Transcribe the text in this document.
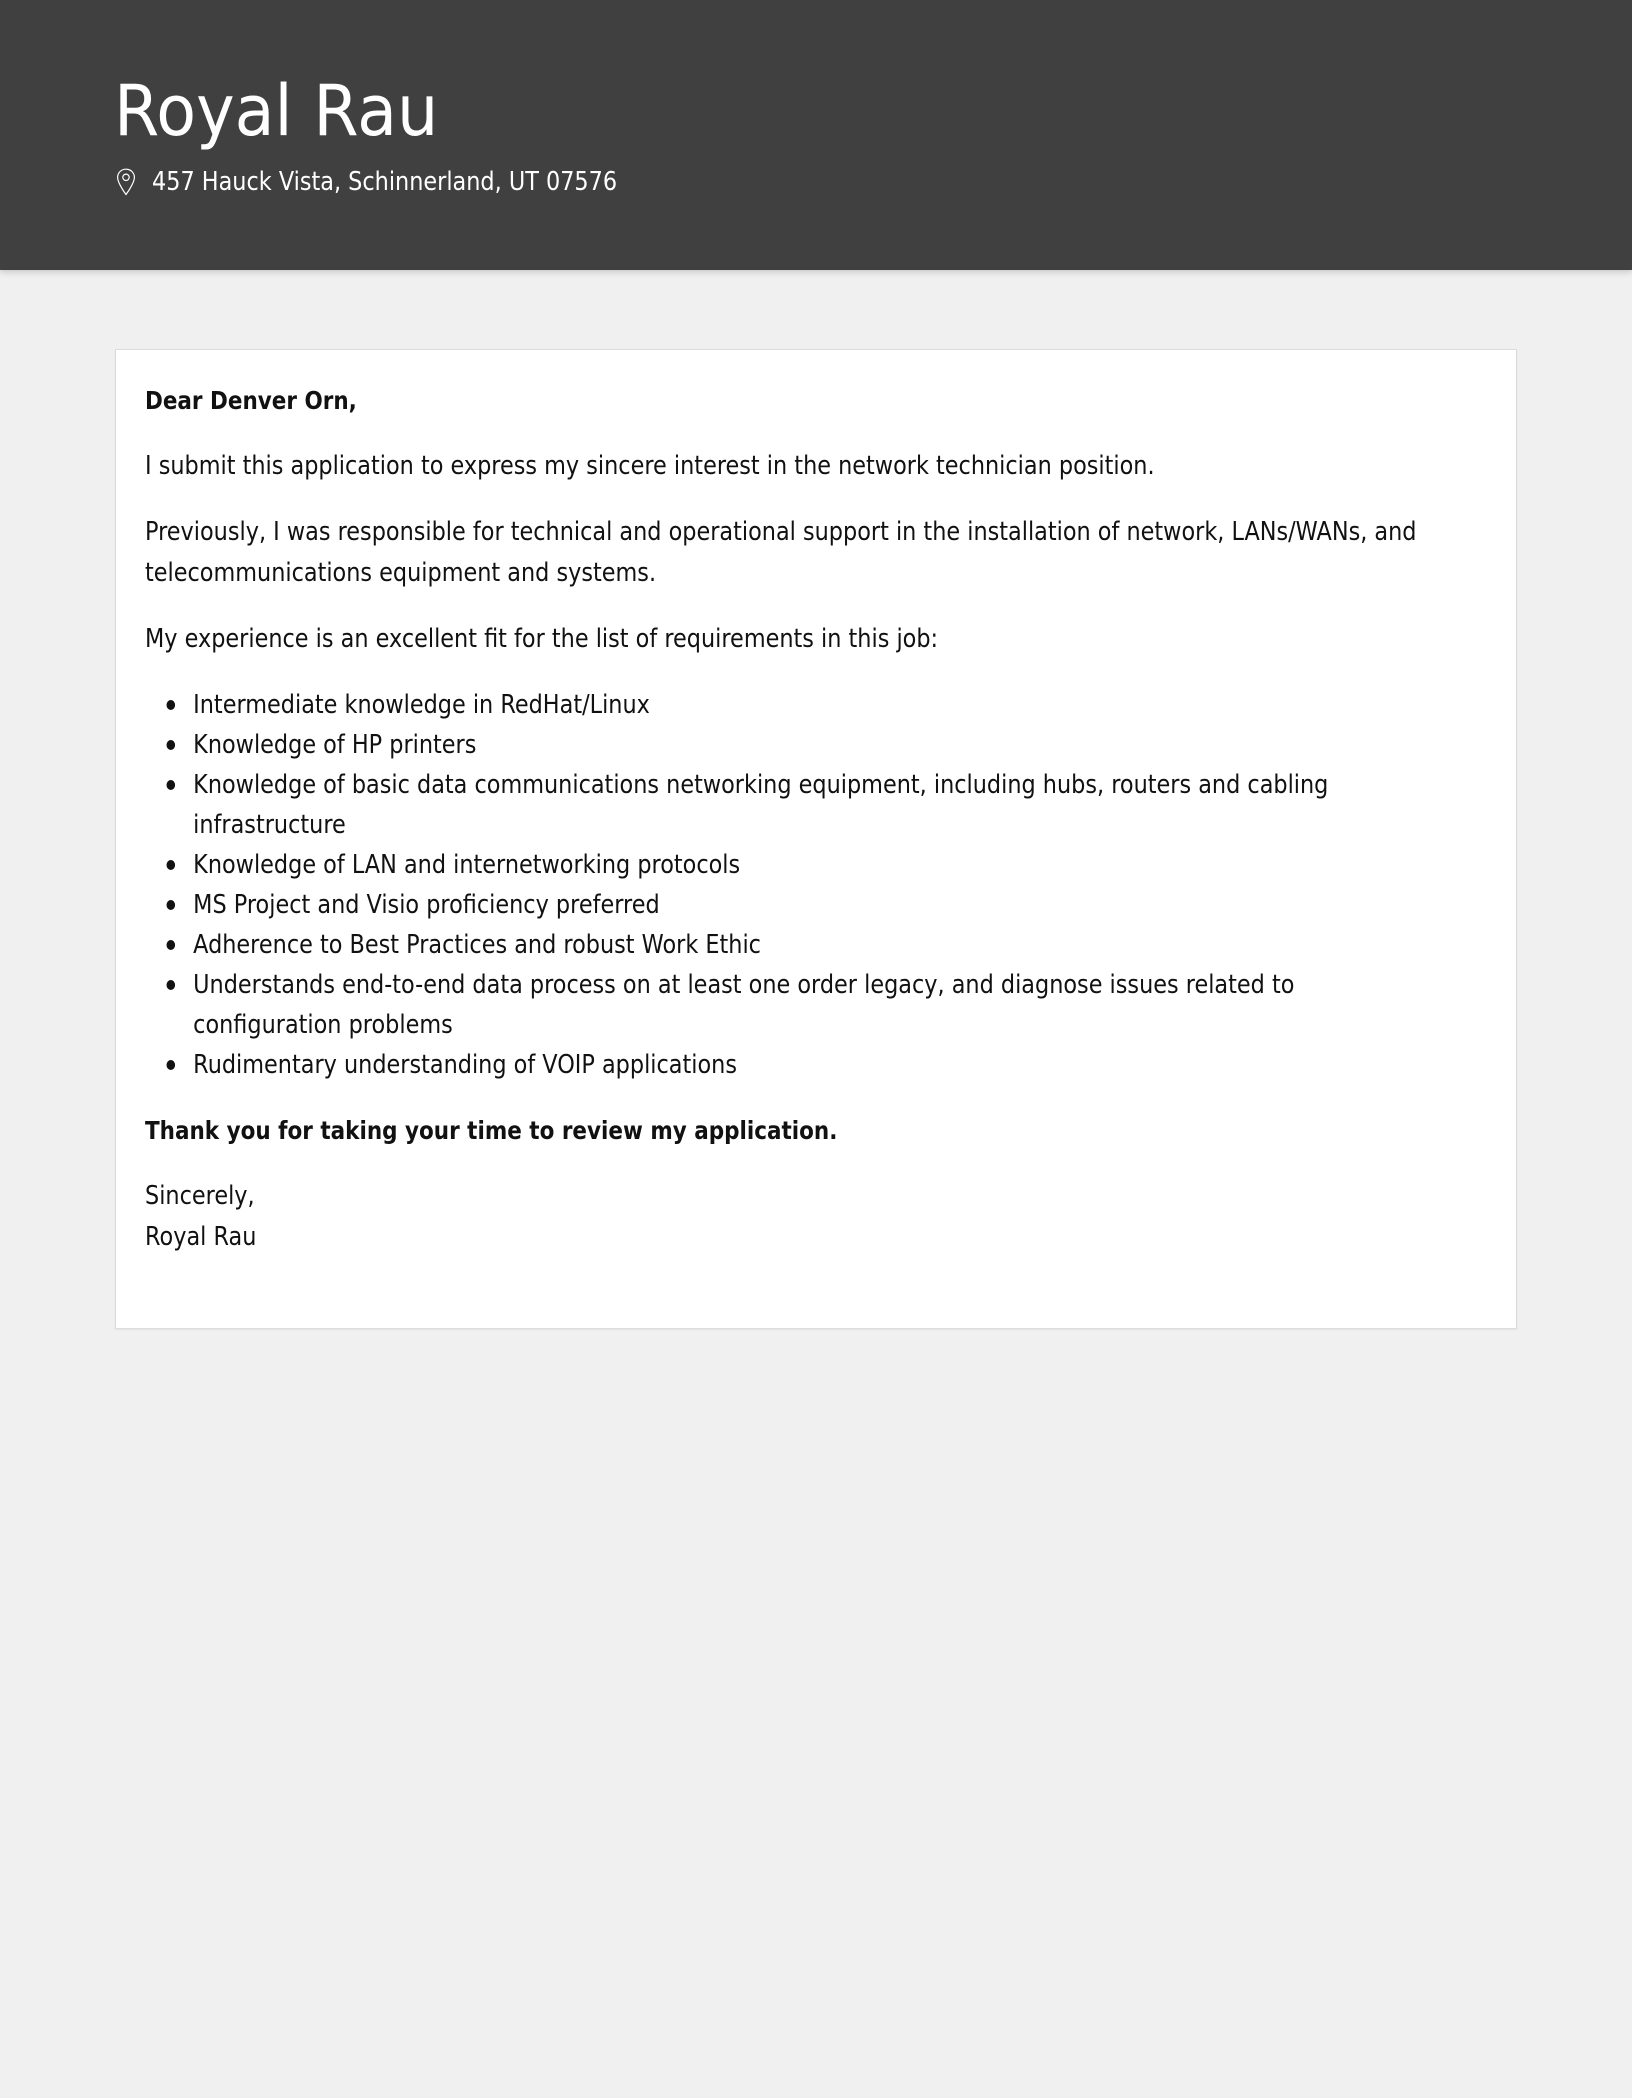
Royal Rau
457 Hauck Vista, Schinnerland, UT 07576

Dear Denver Orn,

I submit this application to express my sincere interest in the network technician position.

Previously, I was responsible for technical and operational support in the installation of network, LANs/WANs, and telecommunications equipment and systems.

My experience is an excellent fit for the list of requirements in this job:

Intermediate knowledge in RedHat/Linux
Knowledge of HP printers
Knowledge of basic data communications networking equipment, including hubs, routers and cabling infrastructure
Knowledge of LAN and internetworking protocols
MS Project and Visio proficiency preferred
Adherence to Best Practices and robust Work Ethic
Understands end-to-end data process on at least one order legacy, and diagnose issues related to configuration problems
Rudimentary understanding of VOIP applications

Thank you for taking your time to review my application.

Sincerely,

Royal Rau
